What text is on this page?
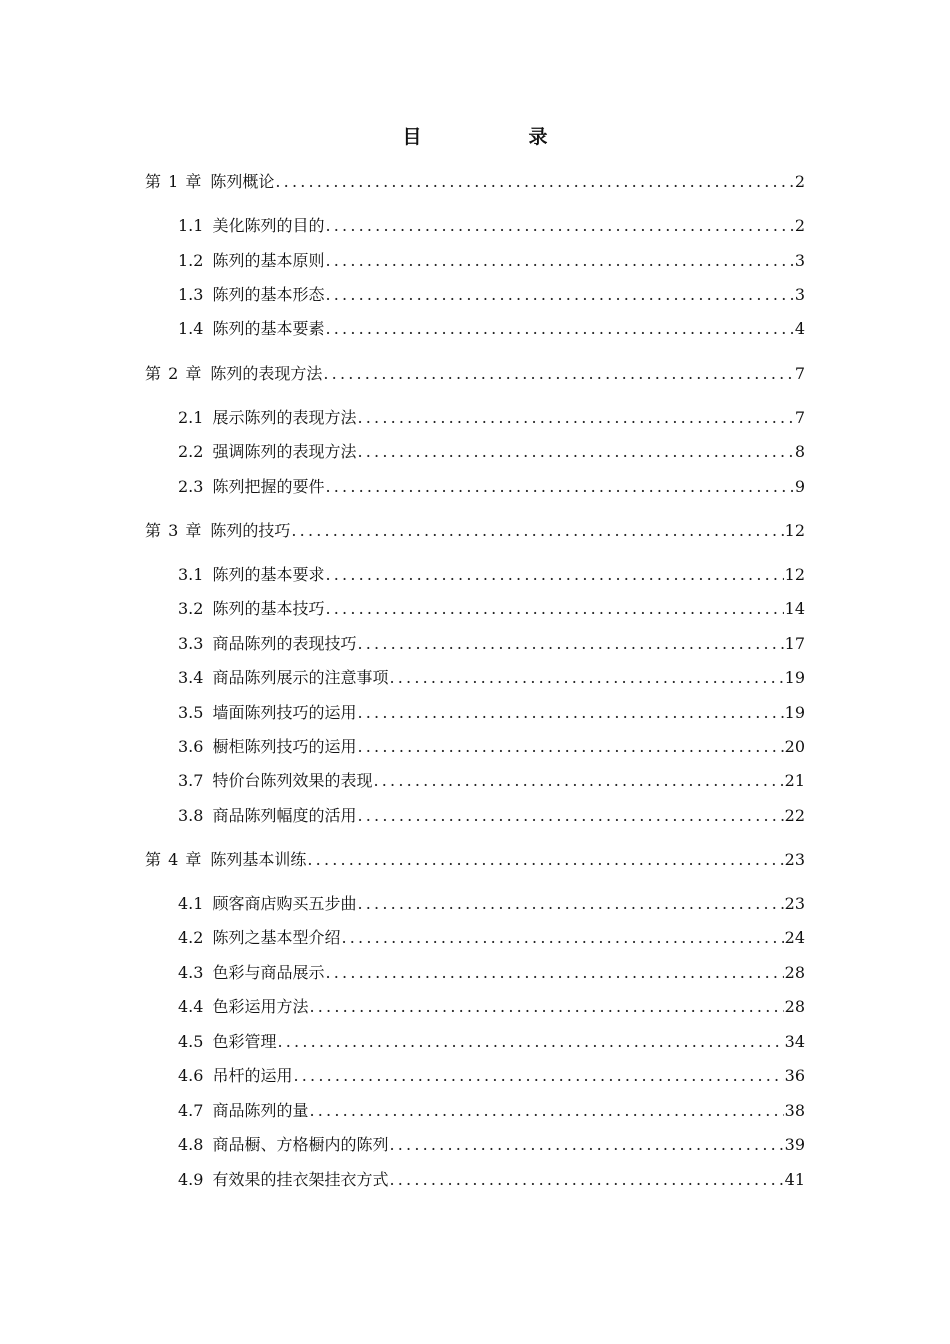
目　录
第 1 章 陈列概论 .....	2
1.1 美化陈列的目的 .....	2
1.2 陈列的基本原则 .....	3
1.3 陈列的基本形态 .....	3
1.4 陈列的基本要素 .....	4
第 2 章 陈列的表现方法 .....	7
2.1 展示陈列的表现方法 .....	7
2.2 强调陈列的表现方法 .....	8
2.3 陈列把握的要件 .....	9
第 3 章 陈列的技巧 .....	12
3.1 陈列的基本要求 .....	12
3.2 陈列的基本技巧 .....	14
3.3 商品陈列的表现技巧 .....	17
3.4 商品陈列展示的注意事项 .....	19
3.5 墙面陈列技巧的运用 .....	19
3.6 橱柜陈列技巧的运用 .....	20
3.7 特价台陈列效果的表现 .....	21
3.8 商品陈列幅度的活用 .....	22
第 4 章 陈列基本训练 .....	23
4.1 顾客商店购买五步曲 .....	23
4.2 陈列之基本型介绍 .....	24
4.3 色彩与商品展示 .....	28
4.4 色彩运用方法 .....	28
4.5 色彩管理 .....	34
4.6 吊杆的运用 .....	36
4.7 商品陈列的量 .....	38
4.8 商品橱、方格橱内的陈列 .....	39
4.9 有效果的挂衣架挂衣方式 .....	41
